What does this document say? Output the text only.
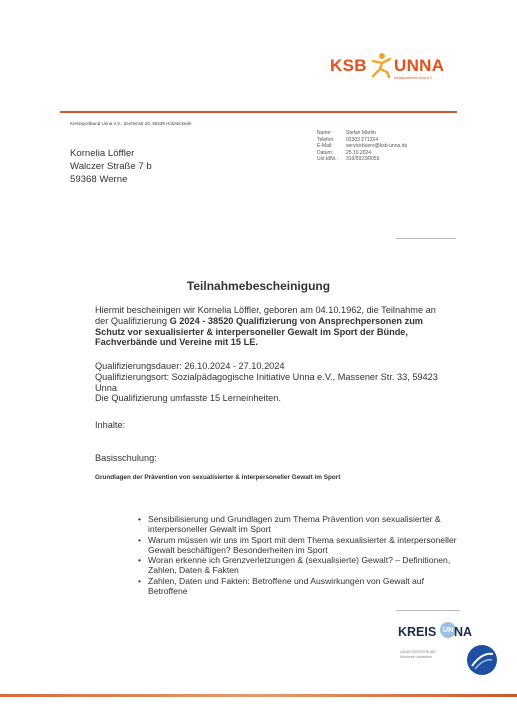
KSB UNNA
kreissportbund unna e.V.
Kreissportbund Unna e.V., Zechenstr 20, 59439 Holzwickede
Kornelia Löffler
Walczer Straße 7 b
59368 Werne
Name:	Stefan Martin
Telefon:	02303 271324
E-Mail:	servicebuero@ksb-unna.de
Datum:	25.10.2024
Ust.IdNr.:	316/5923/0059
Teilnahmebescheinigung
Hiermit bescheinigen wir Kornelia Löffler, geboren am 04.10.1962, die Teilnahme an der Qualifizierung G 2024 - 38520 Qualifizierung von Ansprechpersonen zum Schutz vor sexualisierter & interpersoneller Gewalt im Sport der Bünde, Fachverbände und Vereine mit 15 LE.
Qualifizierungsdauer: 26.10.2024 - 27.10.2024
Qualifizierungsort: Sozialpädagogische Initiative Unna e.V., Massener Str. 33, 59423 Unna
Die Qualifizierung umfasste 15 Lerneinheiten.
Inhalte:
Basisschulung:
Grundlagen der Prävention von sexualisierter & interpersoneller Gewalt im Sport
• Sensibilisierung und Grundlagen zum Thema Prävention von sexualisierter & interpersoneller Gewalt im Sport
• Warum müssen wir uns im Sport mit dem Thema sexualisierter & interpersoneller Gewalt beschäftigen? Besonderheiten im Sport
• Woran erkenne ich Grenzverletzungen & (sexualisierte) Gewalt? – Definitionen, Zahlen, Daten & Fakten
• Zahlen, Daten und Fakten: Betroffene und Auswirkungen von Gewalt auf Betroffene
KREIS UN NA
LANDESSPORTBUND
Nordrhein-Westfalen
